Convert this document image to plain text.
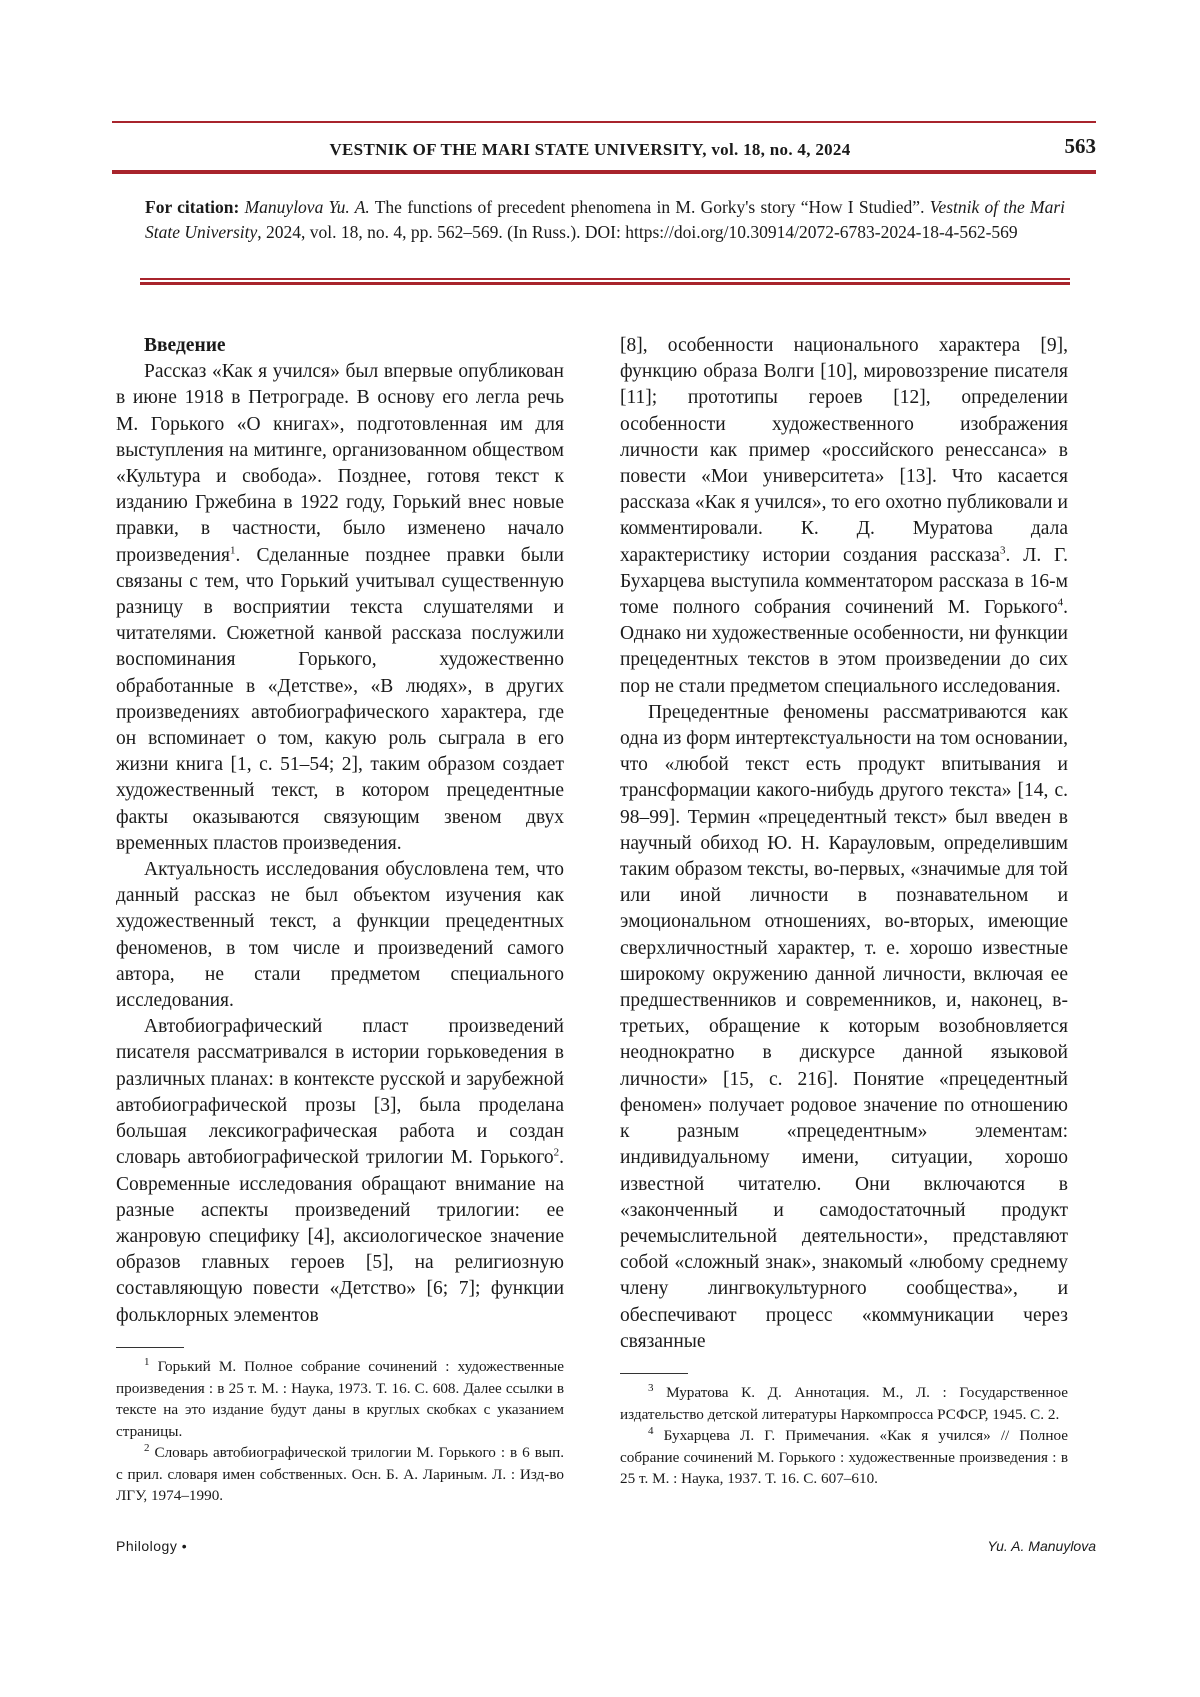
VESTNIK OF THE MARI STATE UNIVERSITY, vol. 18, no. 4, 2024	563
For citation: Manuylova Yu. A. The functions of precedent phenomena in M. Gorky's story “How I Studied”. Vestnik of the Mari State University, 2024, vol. 18, no. 4, pp. 562–569. (In Russ.). DOI: https://doi.org/10.30914/2072-6783-2024-18-4-562-569

Введение

Рассказ «Как я учился» был впервые опубликован в июне 1918 в Петрограде. В основу его легла речь М. Горького «О книгах», подготовленная им для выступления на митинге, организованном обществом «Культура и свобода». Позднее, готовя текст к изданию Гржебина в 1922 году, Горький внес новые правки, в частности, было изменено начало произведения$^1$. Сделанные позднее правки были связаны с тем, что Горький учитывал существенную разницу в восприятии текста слушателями и читателями. Сюжетной канвой рассказа послужили воспоминания Горького, художественно обработанные в «Детстве», «В людях», в других произведениях автобиографического характера, где он вспоминает о том, какую роль сыграла в его жизни книга [1, с. 51–54; 2], таким образом создает художественный текст, в котором прецедентные факты оказываются связующим звеном двух временных пластов произведения.

Актуальность исследования обусловлена тем, что данный рассказ не был объектом изучения как художественный текст, а функции прецедентных феноменов, в том числе и произведений самого автора, не стали предметом специального исследования.

Автобиографический пласт произведений писателя рассматривался в истории горьковедения в различных планах: в контексте русской и зарубежной автобиографической прозы [3], была проделана большая лексикографическая работа и создан словарь автобиографической трилогии М. Горького$^2$. Современные исследования обращают внимание на разные аспекты произведений трилогии: ее жанровую специфику [4], аксиологическое значение образов главных героев [5], на религиозную составляющую повести «Детство» [6; 7]; функции фольклорных элементов

[8], особенности национального характера [9], функцию образа Волги [10], мировоззрение писателя [11]; прототипы героев [12], определении особенности художественного изображения личности как пример «российского ренессанса» в повести «Мои университета» [13]. Что касается рассказа «Как я учился», то его охотно публиковали и комментировали. К. Д. Муратова дала характеристику истории создания рассказа$^3$. Л. Г. Бухарцева выступила комментатором рассказа в 16-м томе полного собрания сочинений М. Горького$^4$. Однако ни художественные особенности, ни функции прецедентных текстов в этом произведении до сих пор не стали предметом специального исследования.

Прецедентные феномены рассматриваются как одна из форм интертекстуальности на том основании, что «любой текст есть продукт впитывания и трансформации какого-нибудь другого текста» [14, с. 98–99]. Термин «прецедентный текст» был введен в научный обиход Ю. Н. Карауловым, определившим таким образом тексты, во-первых, «значимые для той или иной личности в познавательном и эмоциональном отношениях, во-вторых, имеющие сверхличностный характер, т. е. хорошо известные широкому окружению данной личности, включая ее предшественников и современников, и, наконец, в-третьих, обращение к которым возобновляется неоднократно в дискурсе данной языковой личности» [15, с. 216]. Понятие «прецедентный феномен» получает родовое значение по отношению к разным «прецедентным» элементам: индивидуальному имени, ситуации, хорошо известной читателю. Они включаются в «законченный и самодостаточный продукт речемыслительной деятельности», представляют собой «сложный знак», знакомый «любому среднему члену лингвокультурного сообщества», и обеспечивают процесс «коммуникации через связанные

$^1$ Горький М. Полное собрание сочинений : художественные произведения : в 25 т. М. : Наука, 1973. Т. 16. С. 608. Далее ссылки в тексте на это издание будут даны в круглых скобках с указанием страницы.

$^2$ Словарь автобиографической трилогии М. Горького : в 6 вып. с прил. словаря имен собственных. Осн. Б. А. Лариным. Л. : Изд-во ЛГУ, 1974–1990.

$^3$ Муратова К. Д. Аннотация. М., Л. : Государственное издательство детской литературы Наркомпросса РСФСР, 1945. С. 2.

$^4$ Бухарцева Л. Г. Примечания. «Как я учился» // Полное собрание сочинений М. Горького : художественные произведения : в 25 т. М. : Наука, 1937. Т. 16. С. 607–610.

Philology •	Yu. A. Manuylova
